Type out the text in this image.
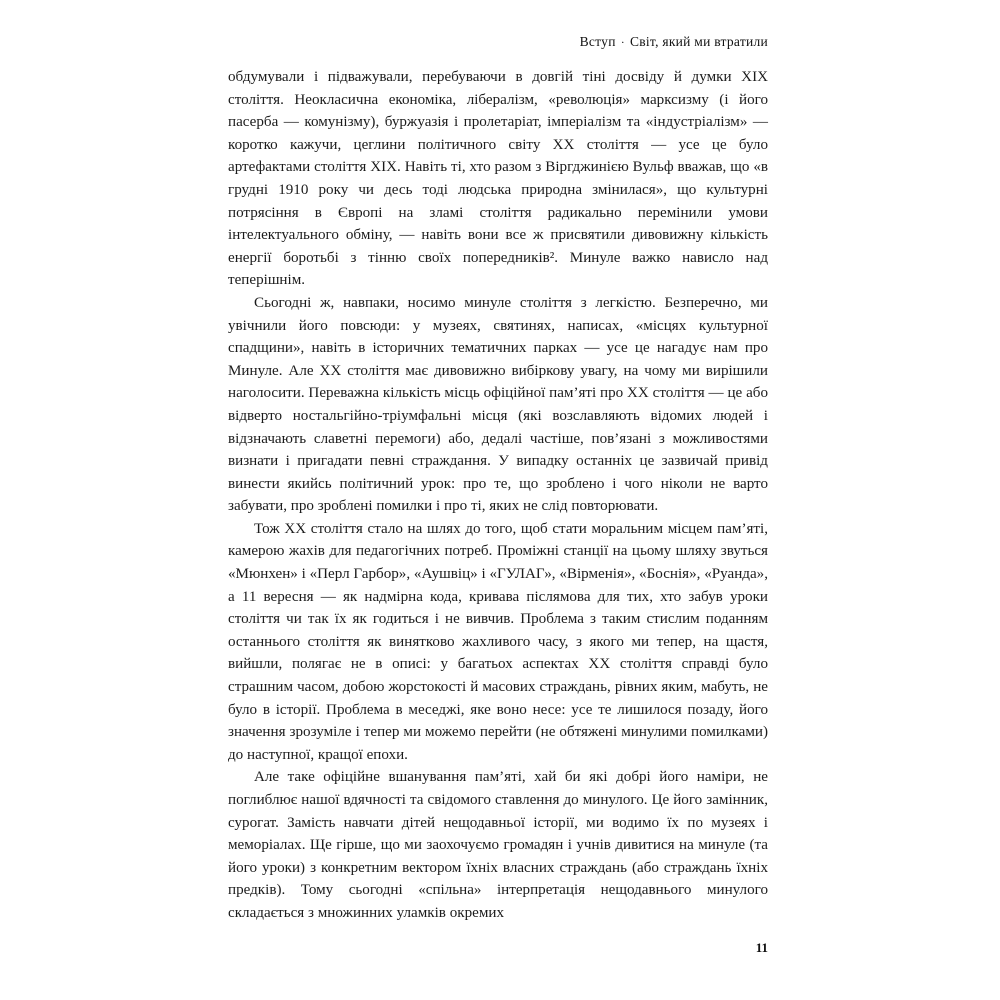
Вступ · Світ, який ми втратили

обдумували і підважували, перебуваючи в довгій тіні досвіду й думки XIX століття. Неокласична економіка, лібералізм, «революція» марксизму (і його пасерба — комунізму), буржуазія і пролетаріат, імперіалізм та «індустріалізм» — коротко кажучи, цеглини політичного світу XX століття — усе це було артефактами століття XIX. Навіть ті, хто разом з Віргджинією Вульф вважав, що «в грудні 1910 року чи десь тоді людська природна змінилася», що культурні потрясіння в Європі на зламі століття радикально перемінили умови інтелектуального обміну, — навіть вони все ж присвятили дивовижну кількість енергії боротьбі з тінню своїх попередників². Минуле важко нависло над теперішнім.

Сьогодні ж, навпаки, носимо минуле століття з легкістю. Безперечно, ми увічнили його повсюди: у музеях, святинях, написах, «місцях культурної спадщини», навіть в історичних тематичних парках — усе це нагадує нам про Минуле. Але XX століття має дивовижно вибіркову увагу, на чому ми вирішили наголосити. Переважна кількість місць офіційної пам’яті про XX століття — це або відверто ностальгійно-тріумфальні місця (які возславляють відомих людей і відзначають славетні перемоги) або, дедалі частіше, пов’язані з можливостями визнати і пригадати певні страждання. У випадку останніх це зазвичай привід винести якийсь політичний урок: про те, що зроблено і чого ніколи не варто забувати, про зроблені помилки і про ті, яких не слід повторювати.

Тож XX століття стало на шлях до того, щоб стати моральним місцем пам’яті, камерою жахів для педагогічних потреб. Проміжні станції на цьому шляху звуться «Мюнхен» і «Перл Гарбор», «Аушвіц» і «ГУЛАГ», «Вірменія», «Боснія», «Руанда», а 11 вересня — як надмірна кода, кривава післямова для тих, хто забув уроки століття чи так їх як годиться і не вивчив. Проблема з таким стислим поданням останнього століття як винятково жахливого часу, з якого ми тепер, на щастя, вийшли, полягає не в описі: у багатьох аспектах XX століття справді було страшним часом, добою жорстокості й масових страждань, рівних яким, мабуть, не було в історії. Проблема в меседжі, яке воно несе: усе те лишилося позаду, його значення зрозуміле і тепер ми можемо перейти (не обтяжені минулими помилками) до наступної, кращої епохи.

Але таке офіційне вшанування пам’яті, хай би які добрі його наміри, не поглиблює нашої вдячності та свідомого ставлення до минулого. Це його замінник, сурогат. Замість навчати дітей нещодавньої історії, ми водимо їх по музеях і меморіалах. Ще гірше, що ми заохочуємо громадян і учнів дивитися на минуле (та його уроки) з конкретним вектором їхніх власних страждань (або страждань їхніх предків). Тому сьогодні «спільна» інтерпретація нещодавнього минулого складається з множинних уламків окремих

11
